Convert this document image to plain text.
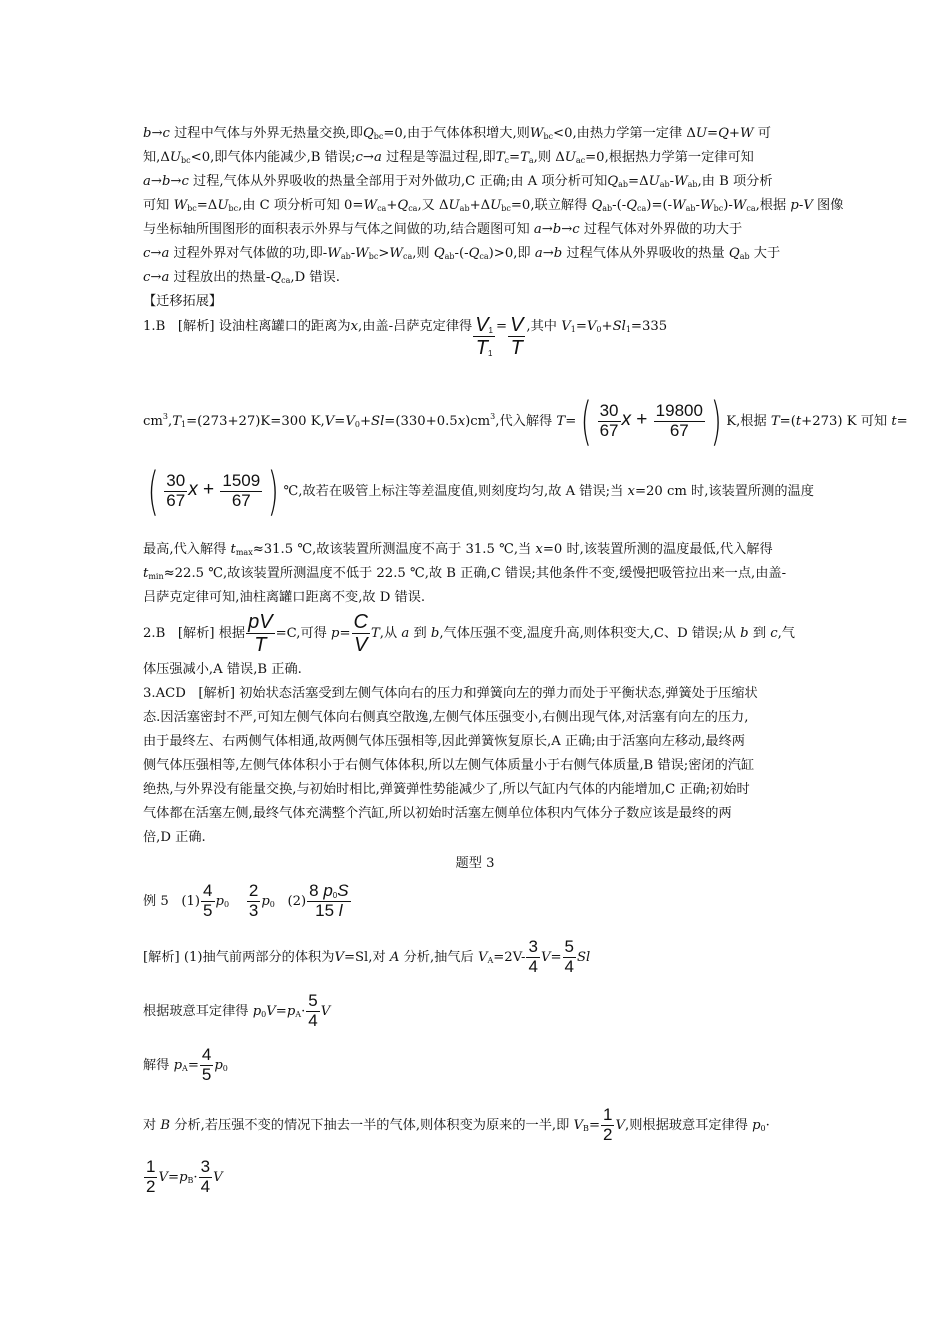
b→c 过程中气体与外界无热量交换,即$Q_{bc}=0$,由于气体体积增大,则$W_{bc}<0$,由热力学第一定律 ΔU=Q+W 可
知$,\Delta U_{bc}<0$,即气体内能减少,B 错误;c→a 过程是等温过程,即$T_c=T_a$,则 $\Delta U_{ac}=0$,根据热力学第一定律可知
a→b→c 过程,气体从外界吸收的热量全部用于对外做功,C 正确;由 A 项分析可知$Q_{ab}=\Delta U_{ab}-W_{ab}$,由 B 项分析
可知 $W_{bc}=\Delta U_{bc}$,由 C 项分析可知 $0=W_{ca}+Q_{ca}$,又 $\Delta U_{ab}+\Delta U_{bc}=0$,联立解得 $Q_{ab}-(-Q_{ca})=(-W_{ab}-W_{bc})-W_{ca}$,根据 p-V 图像
与坐标轴所围图形的面积表示外界与气体之间做的功,结合题图可知 a→b→c 过程气体对外界做的功大于
c→a 过程外界对气体做的功,即$-W_{ab}-W_{bc}>W_{ca}$,则 $Q_{ab}-(-Q_{ca})>0$,即 a→b 过程气体从外界吸收的热量 $Q_{ab}$ 大于
c→a 过程放出的热量$-Q_{ca},D$ 错误.
【迁移拓展】
1.B [解析] 设油柱离罐口的距离为x,由盖-吕萨克定律得 $\frac{V_1}{T_1} = \frac{V}{T}$ ,其中 $V_1=V_0+Sl_1=335$
$cm^3,T_1=(273+27)K=300$ $K,V=V_0+Sl=(330+0.5x)cm^3$,代入解得 $T=( \frac{30}{67}$ $x + \frac{19800}{67}$ ) K,根据 T=(t+273) K 可知 t=
( $\frac{30}{67}$ $x + \frac{1509}{67}$ ) ℃,故若在吸管上标注等差温度值,则刻度均匀,故 A 错误;当 x=20 cm 时,该装置所测的温度
最高,代入解得 $t_{max}\approx 31.5$ ℃,故该装置所测温度不高于 31.5 ℃,当 x=0 时,该装置所测的温度最低,代入解得
$t_{min}\approx 22.5$ ℃,故该装置所测温度不低于 22.5 ℃,故 B 正确,C 错误;其他条件不变,缓慢把吸管拉出来一点,由盖-
吕萨克定律可知,油柱离罐口距离不变,故 D 错误.
2.B [解析] 根据 $\frac{pV}{T} =C$,可得 $p= \frac{C}{V} T$,从 a 到 b,气体压强不变,温度升高,则体积变大,C、D 错误;从 b 到 c,气
体压强减小,A 错误,B 正确.
3.ACD [解析] 初始状态活塞受到左侧气体向右的压力和弹簧向左的弹力而处于平衡状态,弹簧处于压缩状
态.因活塞密封不严,可知左侧气体向右侧真空散逸,左侧气体压强变小,右侧出现气体,对活塞有向左的压力,
由于最终左、右两侧气体相通,故两侧气体压强相等,因此弹簧恢复原长,A 正确;由于活塞向左移动,最终两
侧气体压强相等,左侧气体体积小于右侧气体体积,所以左侧气体质量小于右侧气体质量,B 错误;密闭的汽缸
绝热,与外界没有能量交换,与初始时相比,弹簧弹性势能减少了,所以气缸内气体的内能增加,C 正确;初始时
气体都在活塞左侧,最终气体充满整个汽缸,所以初始时活塞左侧单位体积内气体分子数应该是最终的两
倍,D 正确.
题型 3
例 5 $(1) \frac{4}{5} p_0 \frac{2}{3} p_0$ $(2) \frac{8 p_0S}{15 l}$
[解析] (1)抽气前两部分的体积为V=Sl,对 A 分析,抽气后 $V_A=2V- \frac{3}{4} V= \frac{5}{4}$ Sl
根据玻意耳定律得 $p_0V=p_A\cdot \frac{5}{4}$ V
解得 $p_A= \frac{4}{5} p_0$
对 B 分析,若压强不变的情况下抽去一半的气体,则体积变为原来的一半,即 $V_B= \frac{1}{2} V$,则根据玻意耳定律得 $p_0\cdot$
$\frac{1}{2} V=p_B\cdot \frac{3}{4}$ V
